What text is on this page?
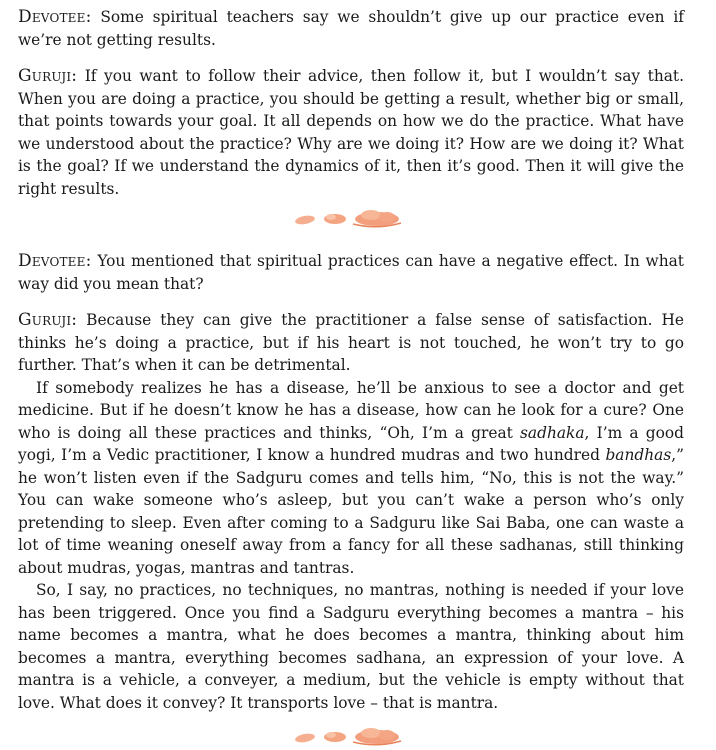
Devotee: Some spiritual teachers say we shouldn’t give up our practice even if we’re not getting results.

Guruji: If you want to follow their advice, then follow it, but I wouldn’t say that. When you are doing a practice, you should be getting a result, whether big or small, that points towards your goal. It all depends on how we do the practice. What have we understood about the practice? Why are we doing it? How are we doing it? What is the goal? If we understand the dynamics of it, then it’s good. Then it will give the right results.

Devotee: You mentioned that spiritual practices can have a negative effect. In what way did you mean that?

Guruji: Because they can give the practitioner a false sense of satisfaction. He thinks he’s doing a practice, but if his heart is not touched, he won’t try to go further. That’s when it can be detrimental.

If somebody realizes he has a disease, he’ll be anxious to see a doctor and get medicine. But if he doesn’t know he has a disease, how can he look for a cure? One who is doing all these practices and thinks, “Oh, I’m a great sadhaka, I’m a good yogi, I’m a Vedic practitioner, I know a hundred mudras and two hundred bandhas,” he won’t listen even if the Sadguru comes and tells him, “No, this is not the way.” You can wake someone who’s asleep, but you can’t wake a person who’s only pretending to sleep. Even after coming to a Sadguru like Sai Baba, one can waste a lot of time weaning oneself away from a fancy for all these sadhanas, still thinking about mudras, yogas, mantras and tantras.

So, I say, no practices, no techniques, no mantras, nothing is needed if your love has been triggered. Once you find a Sadguru everything becomes a mantra – his name becomes a mantra, what he does becomes a mantra, thinking about him becomes a mantra, everything becomes sadhana, an expression of your love. A mantra is a vehicle, a conveyer, a medium, but the vehicle is empty without that love. What does it convey? It transports love – that is mantra.
